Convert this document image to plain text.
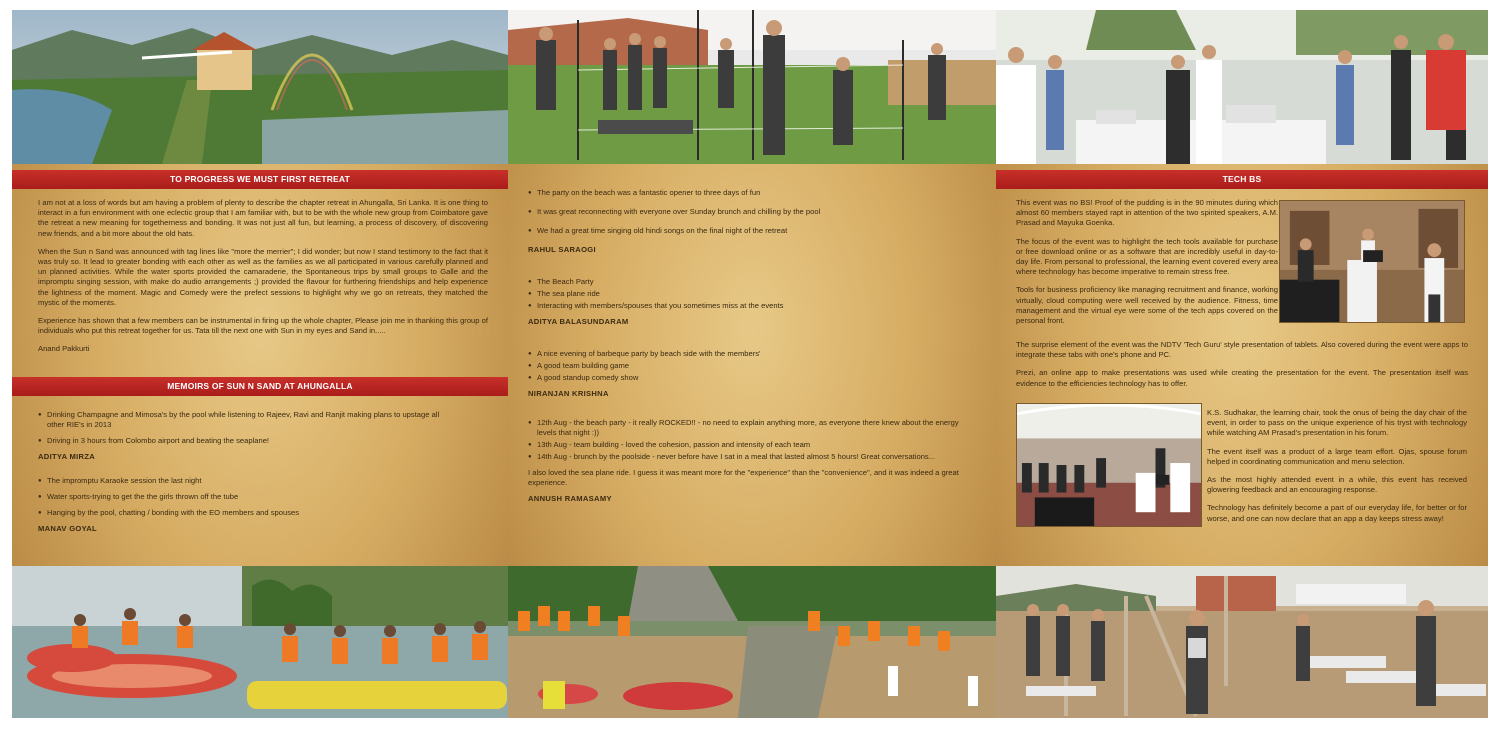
TO PROGRESS WE MUST FIRST RETREAT

I am not at a loss of words but am having a problem of plenty to describe the chapter retreat in Ahungalla, Sri Lanka. It is one thing to interact in a fun environment with one eclectic group that I am familiar with, but to be with the whole new group from Coimbatore gave the retreat a new meaning for togetherness and bonding. It was not just all fun, but learning, a process of discovery, of discovering new friends, and a bit more about the old hats.

When the Sun n Sand was announced with tag lines like "more the merrier"; I did wonder; but now I stand testimony to the fact that it was truly so. It lead to greater bonding with each other as well as the families as we all participated in various carefully planned and un planned activities. While the water sports provided the camaraderie, the Spontaneous trips by small groups to Galle and the impromptu singing session, with make do audio arrangements ;) provided the flavour for furthering friendships and help experience the lightness of the moment. Magic and Comedy were the prefect sessions to highlight why we go on retreats, they matched the mystic of the moments.

Experience has shown that a few members can be instrumental in firing up the whole chapter, Please join me in thanking this group of individuals who put this retreat together for us. Tata till the next one with Sun in my eyes and Sand in.....

Anand Pakkurti

MEMOIRS OF SUN N SAND AT AHUNGALLA
● Drinking Champagne and Mimosa's by the pool while listening to Rajeev, Ravi and Ranjit making plans to upstage all other RIE's in 2013
● Driving in 3 hours from Colombo airport and beating the seaplane!
ADITYA MIRZA
● The impromptu Karaoke session the last night
● Water sports-trying to get the the girls thrown off the tube
● Hanging by the pool, chatting / bonding with the EO members and spouses
MANAV GOYAL
● The party on the beach was a fantastic opener to three days of fun
● It was great reconnecting with everyone over Sunday brunch and chilling by the pool
● We had a great time singing old hindi songs on the final night of the retreat
RAHUL SARAOGI
● The Beach Party
● The sea plane ride
● Interacting with members/spouses that you sometimes miss at the events
ADITYA BALASUNDARAM
● A nice evening of barbeque party by beach side with the members'
● A good team building game
● A good standup comedy show
NIRANJAN KRISHNA
● 12th Aug - the beach party - it really ROCKED!! - no need to explain anything more, as everyone there knew about the energy levels that night :))
● 13th Aug - team building - loved the cohesion, passion and intensity of each team
● 14th Aug - brunch by the poolside - never before have I sat in a meal that lasted almost 5 hours! Great conversations...

I also loved the sea plane ride. I guess it was meant more for the "experience" than the "convenience", and it was indeed a great experience.

ANNUSH RAMASAMY
TECH BS

This event was no BS! Proof of the pudding is in the 90 minutes during which almost 60 members stayed rapt in attention of the two spirited speakers, A.M. Prasad and Mayuka Goenka.

The focus of the event was to highlight the tech tools available for purchase or free download online or as a software that are incredibly useful in day-to-day life. From personal to professional, the learning event covered every area where technology has become imperative to remain stress free.

Tools for business proficiency like managing recruitment and finance, working virtually, cloud computing were well received by the audience. Fitness, time management and the virtual eye were some of the tech apps covered on the personal front.

The surprise element of the event was the NDTV 'Tech Guru' style presentation of tablets. Also covered during the event were apps to integrate these tabs with one's phone and PC.

Prezi, an online app to make presentations was used while creating the presentation for the event. The presentation itself was evidence to the efficiencies technology has to offer.

K.S. Sudhakar, the learning chair, took the onus of being the day chair of the event, in order to pass on the unique experience of his tryst with technology while watching AM Prasad's presentation in his forum.

The event itself was a product of a large team effort. Ojas, spouse forum helped in coordinating communication and menu selection.

As the most highly attended event in a while, this event has received glowering feedback and an encouraging response.

Technology has definitely become a part of our everyday life, for better or for worse, and one can now declare that an app a day keeps stress away!
